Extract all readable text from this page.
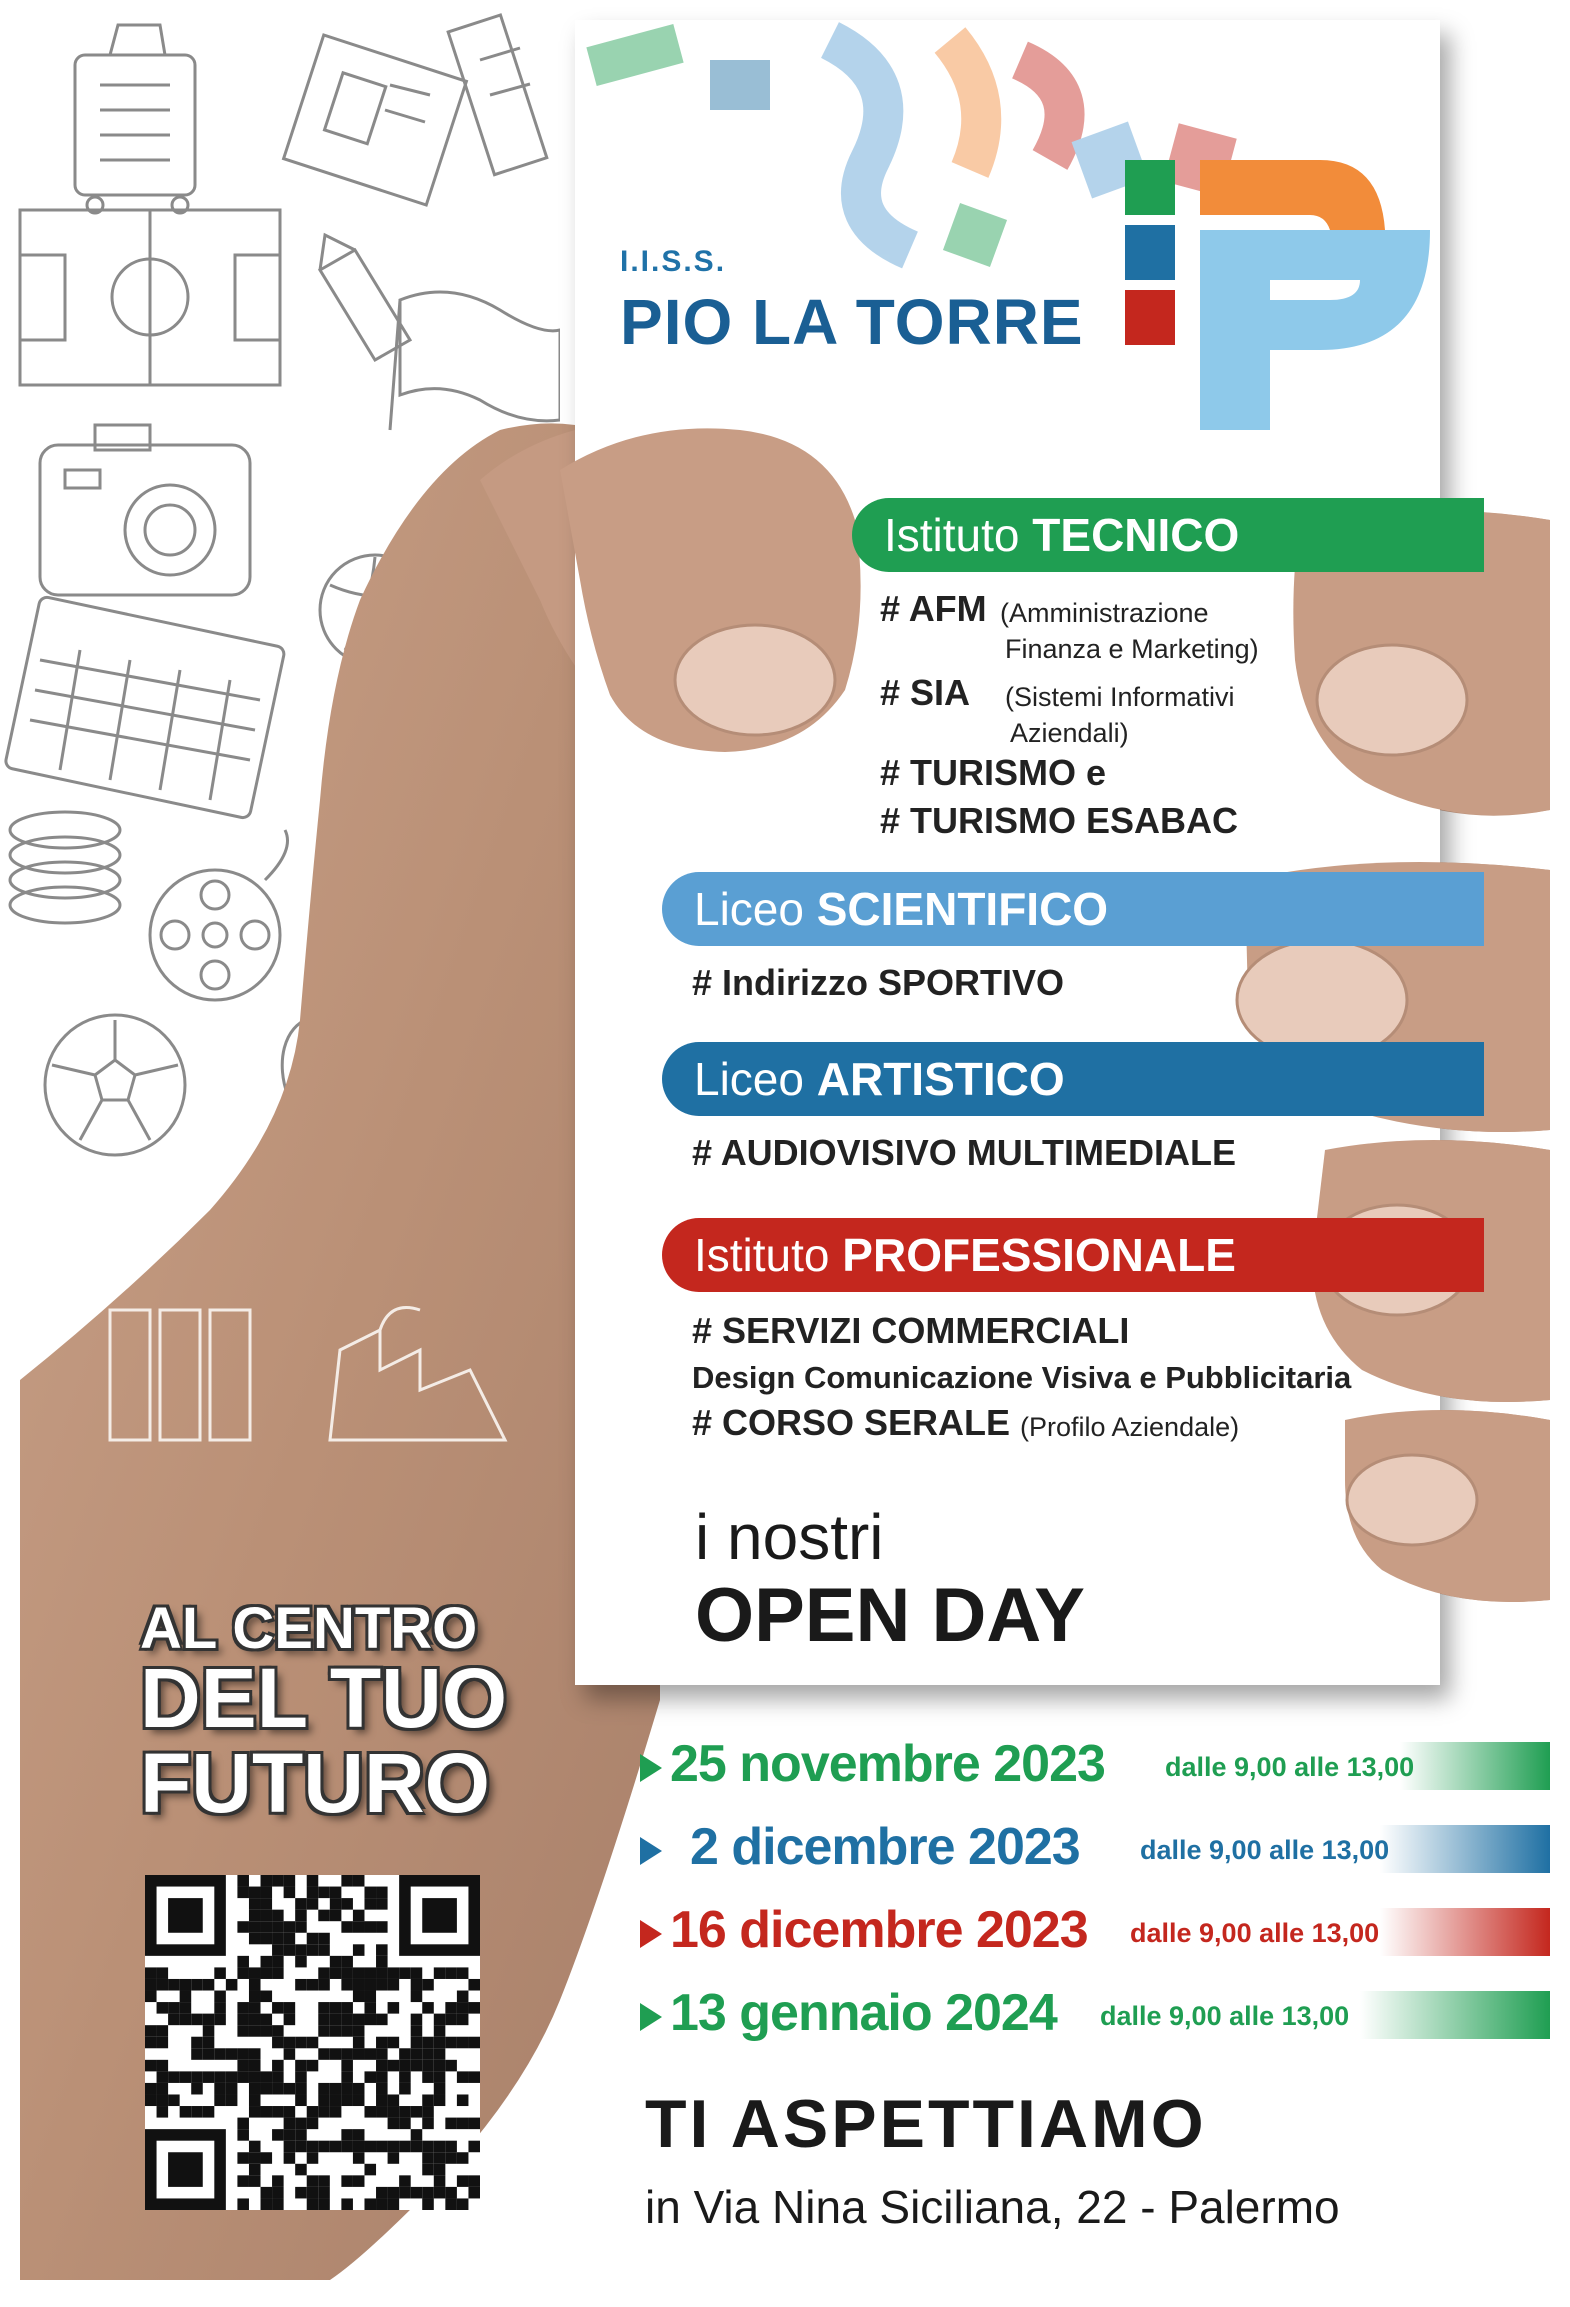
I.I.S.S.
PIO LA TORRE
Istituto TECNICO
# AFM (Amministrazione
Finanza e Marketing)
# SIA (Sistemi Informativi
Aziendali)
# TURISMO e
# TURISMO ESABAC
Liceo SCIENTIFICO
# Indirizzo SPORTIVO
Liceo ARTISTICO
# AUDIOVISIVO MULTIMEDIALE
Istituto PROFESSIONALE
# SERVIZI COMMERCIALI
Design Comunicazione Visiva e Pubblicitaria
# CORSO SERALE (Profilo Aziendale)
i nostri
OPEN DAY
AL CENTRO
DEL TUO
FUTURO	25 novembre 2023 dalle 9,00 alle 13,00
2 dicembre 2023 dalle 9,00 alle 13,00
16 dicembre 2023 dalle 9,00 alle 13,00
13 gennaio 2024 dalle 9,00 alle 13,00
TI ASPETTIAMO
in Via Nina Siciliana, 22 - Palermo
